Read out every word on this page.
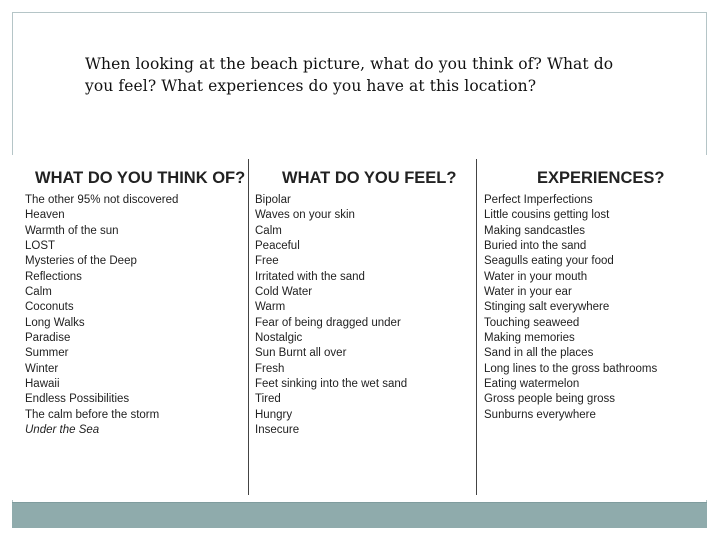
When looking at the beach picture, what do you think of? What do you feel? What experiences do you have at this location?
WHAT DO YOU THINK OF?
The other 95% not discovered
Heaven
Warmth of the sun
LOST
Mysteries of the Deep
Reflections
Calm
Coconuts
Long Walks
Paradise
Summer
Winter
Hawaii
Endless Possibilities
The calm before the storm
Under the Sea
WHAT DO YOU FEEL?
Bipolar
Waves on your skin
Calm
Peaceful
Free
Irritated with the sand
Cold Water
Warm
Fear of being dragged under
Nostalgic
Sun Burnt all over
Fresh
Feet sinking into the wet sand
Tired
Hungry
Insecure
EXPERIENCES?
Perfect Imperfections
Little cousins getting lost
Making sandcastles
Buried into the sand
Seagulls eating your food
Water in your mouth
Water in your ear
Stinging salt everywhere
Touching seaweed
Making memories
Sand in all the places
Long lines to the gross bathrooms
Eating watermelon
Gross people being gross
Sunburns everywhere
